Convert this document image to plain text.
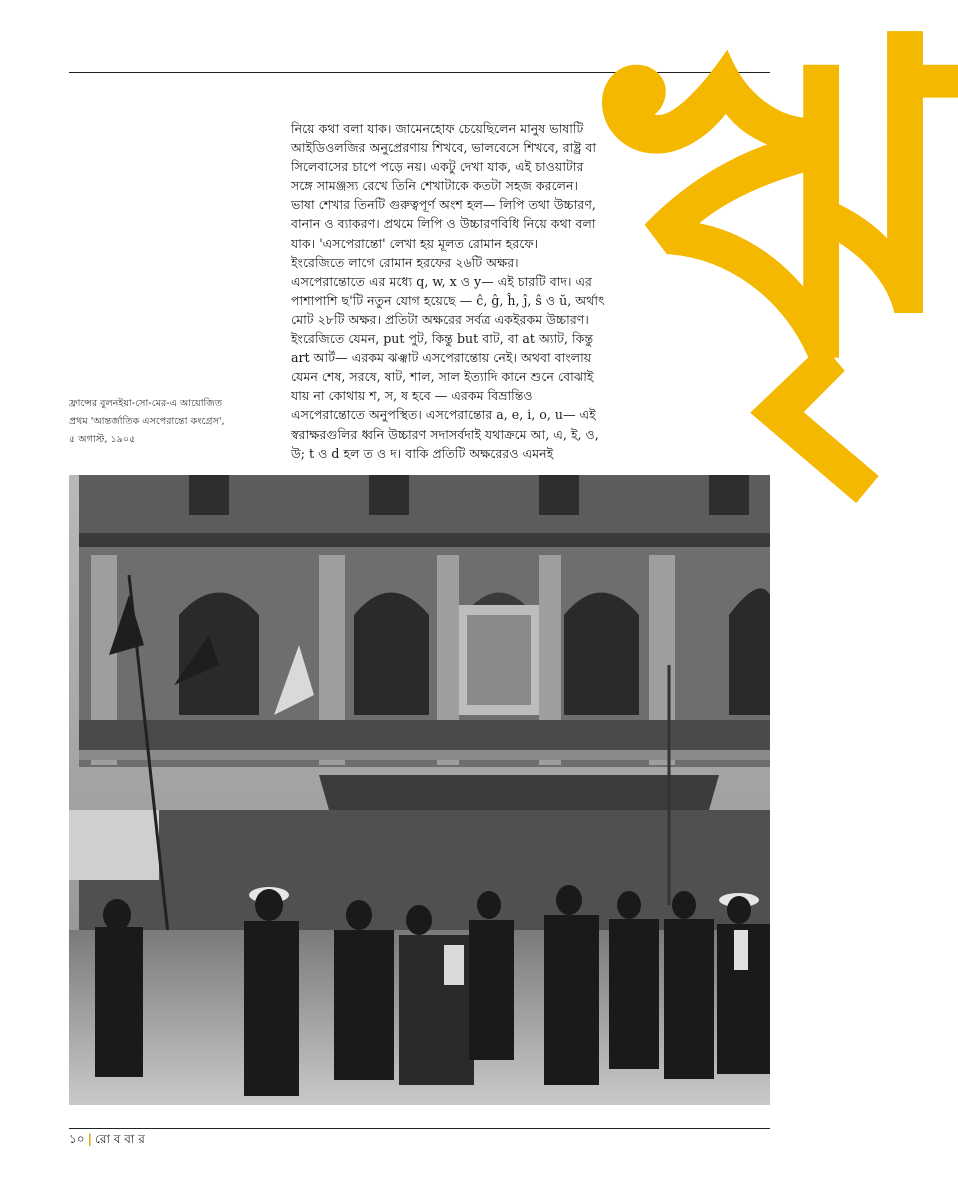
ৠ

নিয়ে কথা বলা যাক। জামেনহোফ চেয়েছিলেন মানুষ ভাষাটি

আইডিওলজির অনুপ্রেরণায় শিখবে, ভালবেসে শিখবে, রাষ্ট্র বা

সিলেবাসের চাপে পড়ে নয়। একটু দেখা যাক, এই চাওয়াটার

সঙ্গে সামঞ্জস্য রেখে তিনি শেখাটাকে কতটা সহজ করলেন।

ভাষা শেখার তিনটি গুরুত্বপূর্ণ অংশ হল— লিপি তথা উচ্চারণ,

বানান ও ব্যাকরণ। প্রথমে লিপি ও উচ্চারণবিধি নিয়ে কথা বলা

যাক। 'এসপেরান্তো' লেখা হয় মূলত রোমান হরফে।

ইংরেজিতে লাগে রোমান হরফের ২৬টি অক্ষর।

এসপেরান্তোতে এর মধ্যে q, w, x ও y— এই চারটি বাদ। এর

পাশাপাশি ছ'টি নতুন যোগ হয়েছে — ĉ, ĝ, ĥ, ĵ, ŝ ও ŭ, অর্থাৎ

মোট ২৮টি অক্ষর। প্রতিটা অক্ষরের সর্বত্র একইরকম উচ্চারণ।

ইংরেজিতে যেমন, put পুট, কিন্তু but বাট, বা at অ্যাট, কিন্তু

art আর্ট— এরকম ঝঞ্ঝাট এসপেরান্তোয় নেই। অথবা বাংলায়

যেমন শেষ, সরষে, ষাট, শাল, সাল ইত্যাদি কানে শুনে বোঝাই

যায় না কোথায় শ, স, ষ হবে — এরকম বিভ্রান্তিও

এসপেরান্তোতে অনুপস্থিত। এসপেরান্তোর a, e, i, o, u— এই

স্বরাক্ষরগুলির ধ্বনি উচ্চারণ সদাসর্বদাই যথাক্রমে আ, এ, ই, ও,

উ; t ও d হল ত ও দ। বাকি প্রতিটি অক্ষরেরও এমনই

ফ্রান্সের বুলনইয়া-সো-মের-এ আয়োজিত
প্রথম 'আন্তর্জাতিক এসপেরান্তো কংগ্রেস',
৫ অগাস্ট, ১৯০৫
১০ | রো ব বা র
